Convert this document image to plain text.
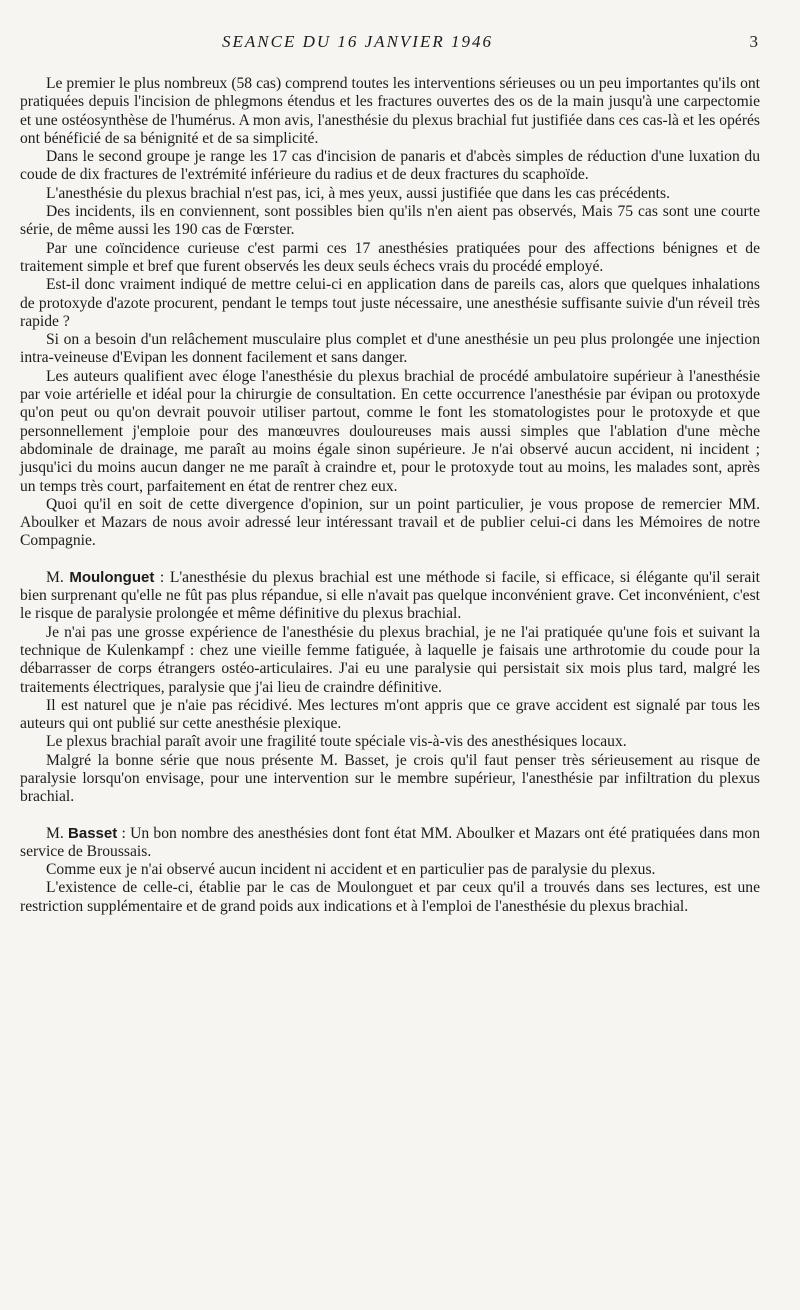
SEANCE DU 16 JANVIER 1946	3

Le premier le plus nombreux (58 cas) comprend toutes les interventions sérieuses ou un peu importantes qu'ils ont pratiquées depuis l'incision de phlegmons étendus et les fractures ouvertes des os de la main jusqu'à une carpectomie et une ostéosynthèse de l'humérus. A mon avis, l'anesthésie du plexus brachial fut justifiée dans ces cas-là et les opérés ont bénéficié de sa bénignité et de sa simplicité.

Dans le second groupe je range les 17 cas d'incision de panaris et d'abcès simples de réduction d'une luxation du coude de dix fractures de l'extrémité inférieure du radius et de deux fractures du scaphoïde.

L'anesthésie du plexus brachial n'est pas, ici, à mes yeux, aussi justifiée que dans les cas précédents.

Des incidents, ils en conviennent, sont possibles bien qu'ils n'en aient pas observés, Mais 75 cas sont une courte série, de même aussi les 190 cas de Fœrster.

Par une coïncidence curieuse c'est parmi ces 17 anesthésies pratiquées pour des affections bénignes et de traitement simple et bref que furent observés les deux seuls échecs vrais du procédé employé.

Est-il donc vraiment indiqué de mettre celui-ci en application dans de pareils cas, alors que quelques inhalations de protoxyde d'azote procurent, pendant le temps tout juste nécessaire, une anesthésie suffisante suivie d'un réveil très rapide ?

Si on a besoin d'un relâchement musculaire plus complet et d'une anesthésie un peu plus prolongée une injection intra-veineuse d'Evipan les donnent facilement et sans danger.

Les auteurs qualifient avec éloge l'anesthésie du plexus brachial de procédé ambulatoire supérieur à l'anesthésie par voie artérielle et idéal pour la chirurgie de consultation. En cette occurrence l'anesthésie par évipan ou protoxyde qu'on peut ou qu'on devrait pouvoir utiliser partout, comme le font les stomatologistes pour le protoxyde et que personnellement j'emploie pour des manœuvres douloureuses mais aussi simples que l'ablation d'une mèche abdominale de drainage, me paraît au moins égale sinon supérieure. Je n'ai observé aucun accident, ni incident ; jusqu'ici du moins aucun danger ne me paraît à craindre et, pour le protoxyde tout au moins, les malades sont, après un temps très court, parfaitement en état de rentrer chez eux.

Quoi qu'il en soit de cette divergence d'opinion, sur un point particulier, je vous propose de remercier MM. Aboulker et Mazars de nous avoir adressé leur intéressant travail et de publier celui-ci dans les Mémoires de notre Compagnie.

M. Moulonguet : L'anesthésie du plexus brachial est une méthode si facile, si efficace, si élégante qu'il serait bien surprenant qu'elle ne fût pas plus répandue, si elle n'avait pas quelque inconvénient grave. Cet inconvénient, c'est le risque de paralysie prolongée et même définitive du plexus brachial.

Je n'ai pas une grosse expérience de l'anesthésie du plexus brachial, je ne l'ai pratiquée qu'une fois et suivant la technique de Kulenkampf : chez une vieille femme fatiguée, à laquelle je faisais une arthrotomie du coude pour la débarrasser de corps étrangers ostéo-articulaires. J'ai eu une paralysie qui persistait six mois plus tard, malgré les traitements électriques, paralysie que j'ai lieu de craindre définitive.

Il est naturel que je n'aie pas récidivé. Mes lectures m'ont appris que ce grave accident est signalé par tous les auteurs qui ont publié sur cette anesthésie plexique.

Le plexus brachial paraît avoir une fragilité toute spéciale vis-à-vis des anesthésiques locaux.

Malgré la bonne série que nous présente M. Basset, je crois qu'il faut penser très sérieusement au risque de paralysie lorsqu'on envisage, pour une intervention sur le membre supérieur, l'anesthésie par infiltration du plexus brachial.

M. Basset : Un bon nombre des anesthésies dont font état MM. Aboulker et Mazars ont été pratiquées dans mon service de Broussais.

Comme eux je n'ai observé aucun incident ni accident et en particulier pas de paralysie du plexus.

L'existence de celle-ci, établie par le cas de Moulonguet et par ceux qu'il a trouvés dans ses lectures, est une restriction supplémentaire et de grand poids aux indications et à l'emploi de l'anesthésie du plexus brachial.
